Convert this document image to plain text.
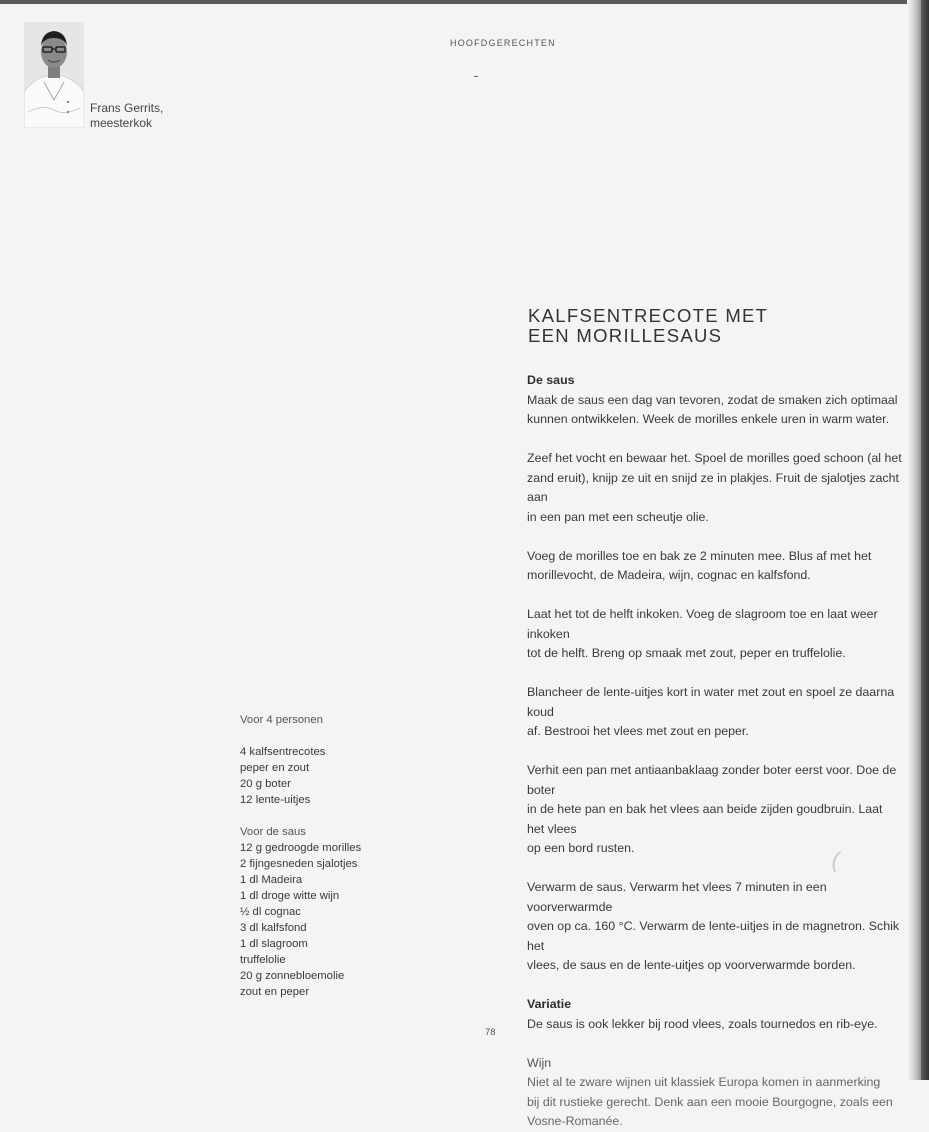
Frans Gerrits,
meesterkok
HOOFDGERECHTEN
KALFSENTRECOTE MET
EEN MORILLESAUS

De saus

Maak de saus een dag van tevoren, zodat de smaken zich optimaal

kunnen ontwikkelen. Week de morilles enkele uren in warm water.

Zeef het vocht en bewaar het. Spoel de morilles goed schoon (al het

zand eruit), knijp ze uit en snijd ze in plakjes. Fruit de sjalotjes zacht aan

in een pan met een scheutje olie.

Voeg de morilles toe en bak ze 2 minuten mee. Blus af met het

morillevocht, de Madeira, wijn, cognac en kalfsfond.

Laat het tot de helft inkoken. Voeg de slagroom toe en laat weer inkoken

tot de helft. Breng op smaak met zout, peper en truffelolie.

Blancheer de lente-uitjes kort in water met zout en spoel ze daarna koud

af. Bestrooi het vlees met zout en peper.

Verhit een pan met antiaanbaklaag zonder boter eerst voor. Doe de boter

in de hete pan en bak het vlees aan beide zijden goudbruin. Laat het vlees

op een bord rusten.

Verwarm de saus. Verwarm het vlees 7 minuten in een voorverwarmde

oven op ca. 160 °C. Verwarm de lente-uitjes in de magnetron. Schik het

vlees, de saus en de lente-uitjes op voorverwarmde borden.

Variatie

De saus is ook lekker bij rood vlees, zoals tournedos en rib-eye.

Wijn

Niet al te zware wijnen uit klassiek Europa komen in aanmerking

bij dit rustieke gerecht. Denk aan een mooie Bourgogne, zoals een

Vosne-Romanée.

Voor 4 personen
4 kalfsentrecotes
peper en zout
20 g boter
12 lente-uitjes
Voor de saus
12 g gedroogde morilles
2 fijngesneden sjalotjes
1 dl Madeira
1 dl droge witte wijn
½ dl cognac
3 dl kalfsfond
1 dl slagroom
truffelolie
20 g zonnebloemolie
zout en peper
(
78
